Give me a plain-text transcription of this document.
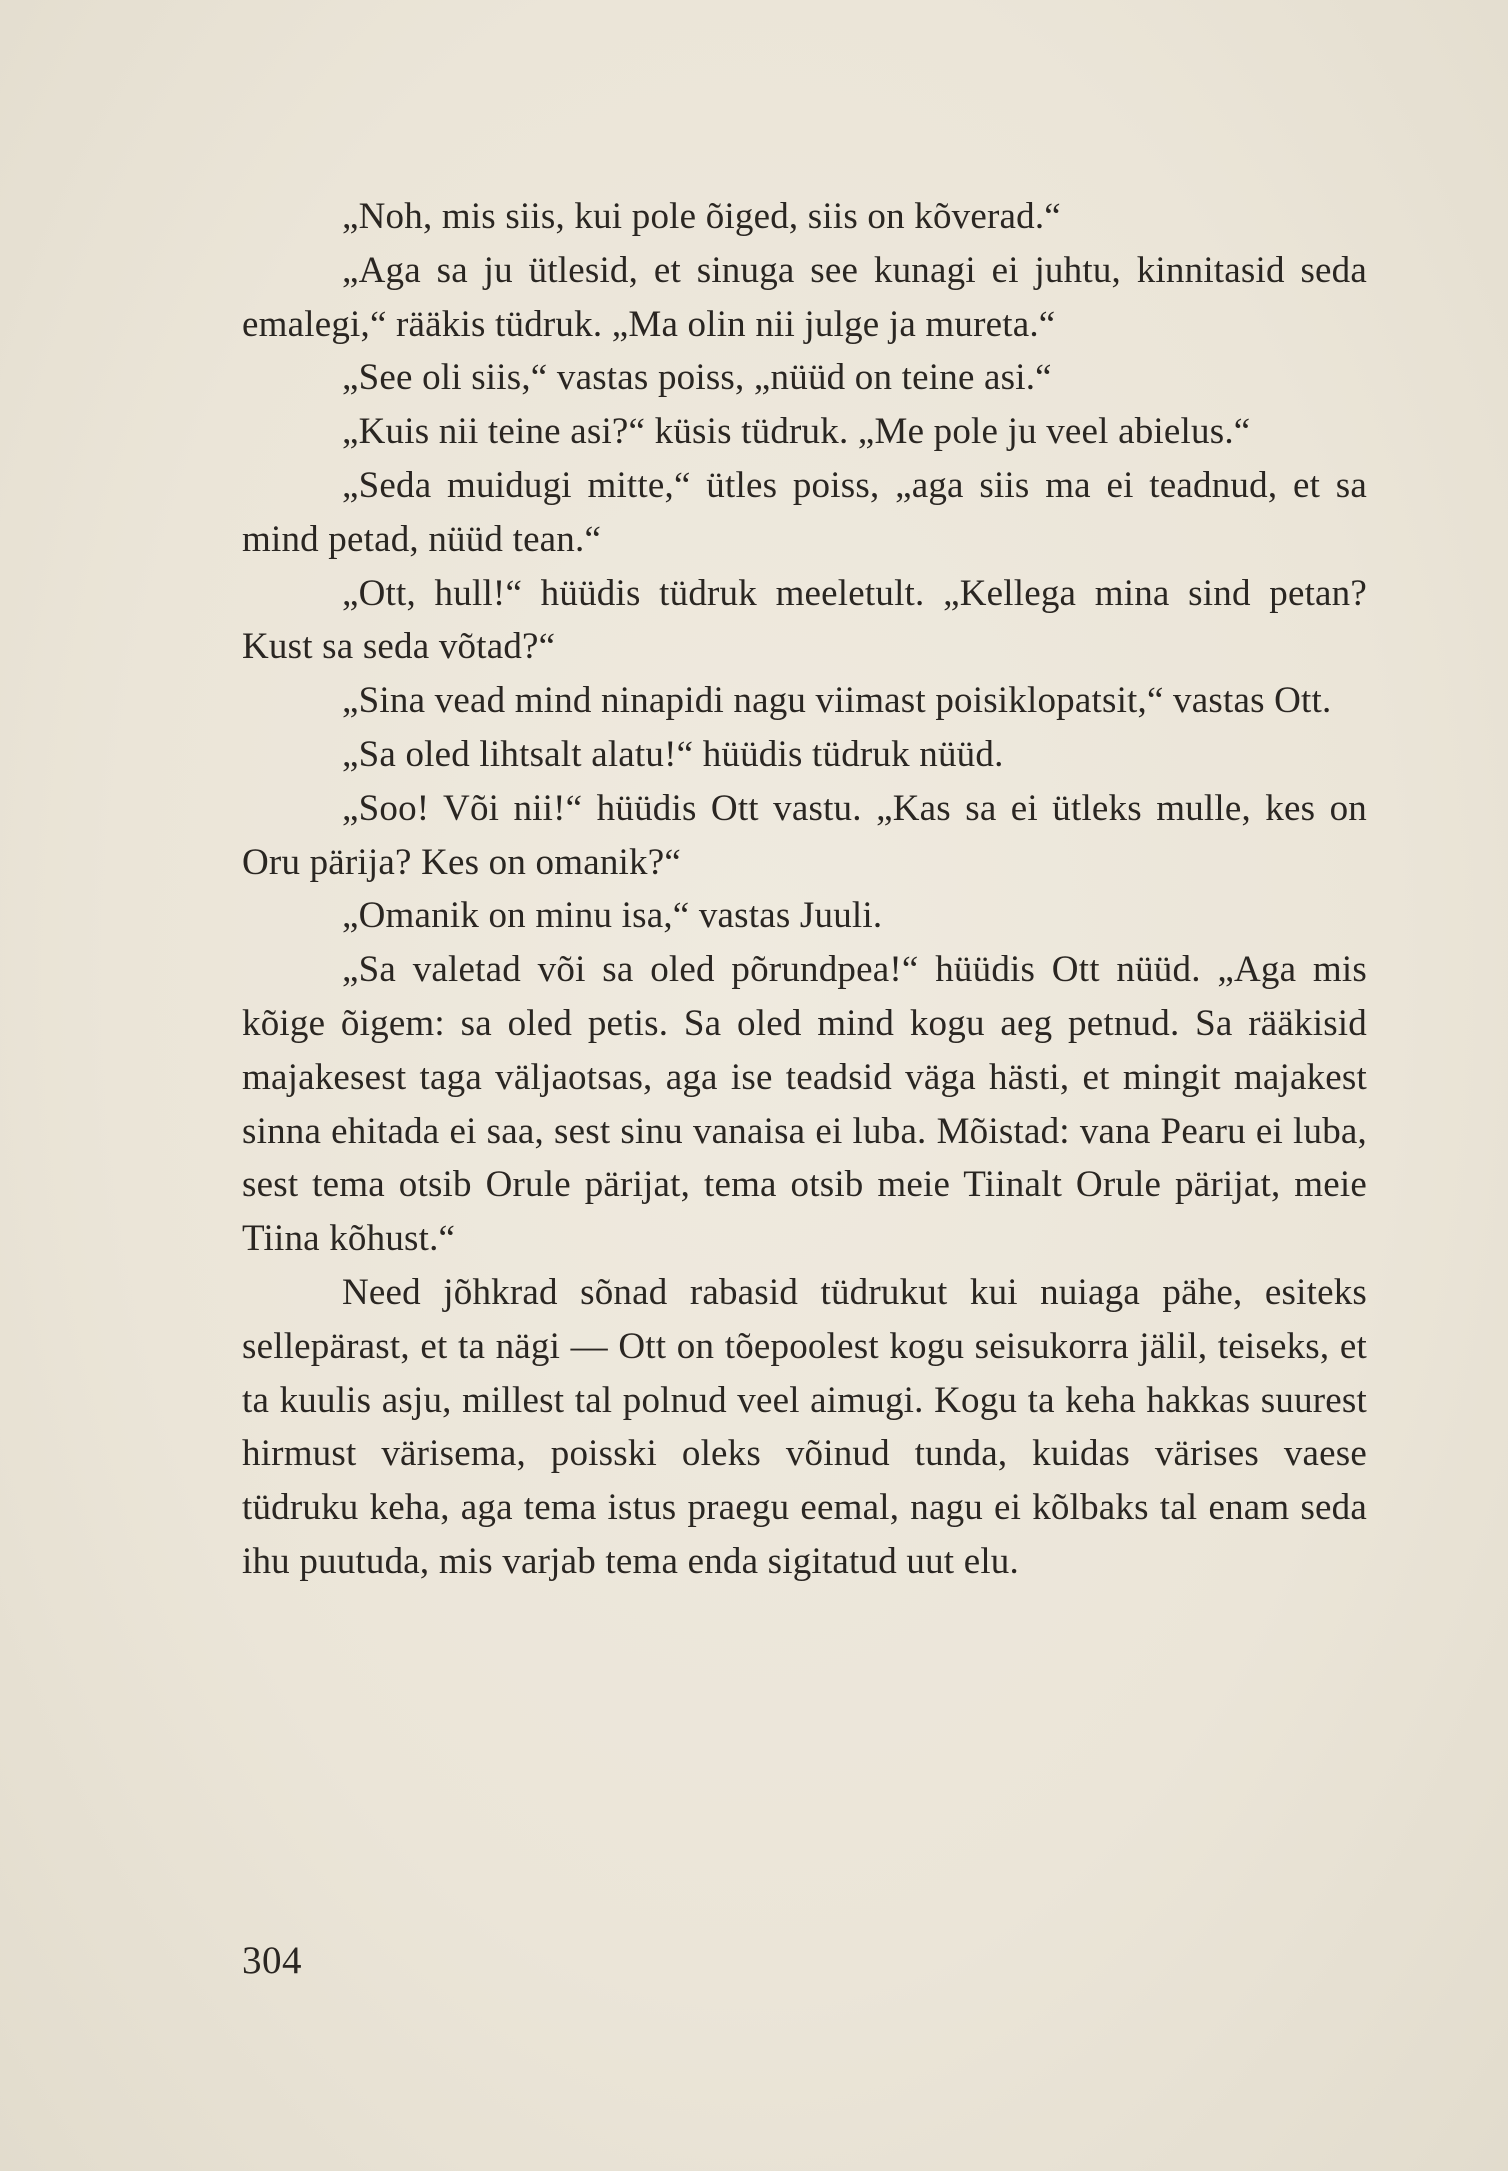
„Noh, mis siis, kui pole õiged, siis on kõverad.“

„Aga sa ju ütlesid, et sinuga see kunagi ei juhtu, kinnitasid seda emalegi,“ rääkis tüdruk. „Ma olin nii julge ja mureta.“

„See oli siis,“ vastas poiss, „nüüd on teine asi.“

„Kuis nii teine asi?“ küsis tüdruk. „Me pole ju veel abielus.“

„Seda muidugi mitte,“ ütles poiss, „aga siis ma ei teadnud, et sa mind petad, nüüd tean.“

„Ott, hull!“ hüüdis tüdruk meeletult. „Kellega mina sind petan? Kust sa seda võtad?“

„Sina vead mind ninapidi nagu viimast poisiklopatsit,“ vastas Ott.

„Sa oled lihtsalt alatu!“ hüüdis tüdruk nüüd.

„Soo! Või nii!“ hüüdis Ott vastu. „Kas sa ei ütleks mulle, kes on Oru pärija? Kes on omanik?“

„Omanik on minu isa,“ vastas Juuli.

„Sa valetad või sa oled põrundpea!“ hüüdis Ott nüüd. „Aga mis kõige õigem: sa oled petis. Sa oled mind kogu aeg petnud. Sa rääkisid majakesest taga väljaotsas, aga ise teadsid väga hästi, et mingit majakest sinna ehitada ei saa, sest sinu vanaisa ei luba. Mõistad: vana Pearu ei luba, sest tema otsib Orule pärijat, tema otsib meie Tiinalt Orule pärijat, meie Tiina kõhust.“

Need jõhkrad sõnad rabasid tüdrukut kui nuiaga pähe, esiteks sellepärast, et ta nägi — Ott on tõepoolest kogu seisukorra jälil, teiseks, et ta kuulis asju, millest tal polnud veel aimugi. Kogu ta keha hakkas suurest hirmust värisema, poisski oleks võinud tunda, kuidas värises vaese tüdruku keha, aga tema istus praegu eemal, nagu ei kõlbaks tal enam seda ihu puutuda, mis varjab tema enda sigitatud uut elu.

304
